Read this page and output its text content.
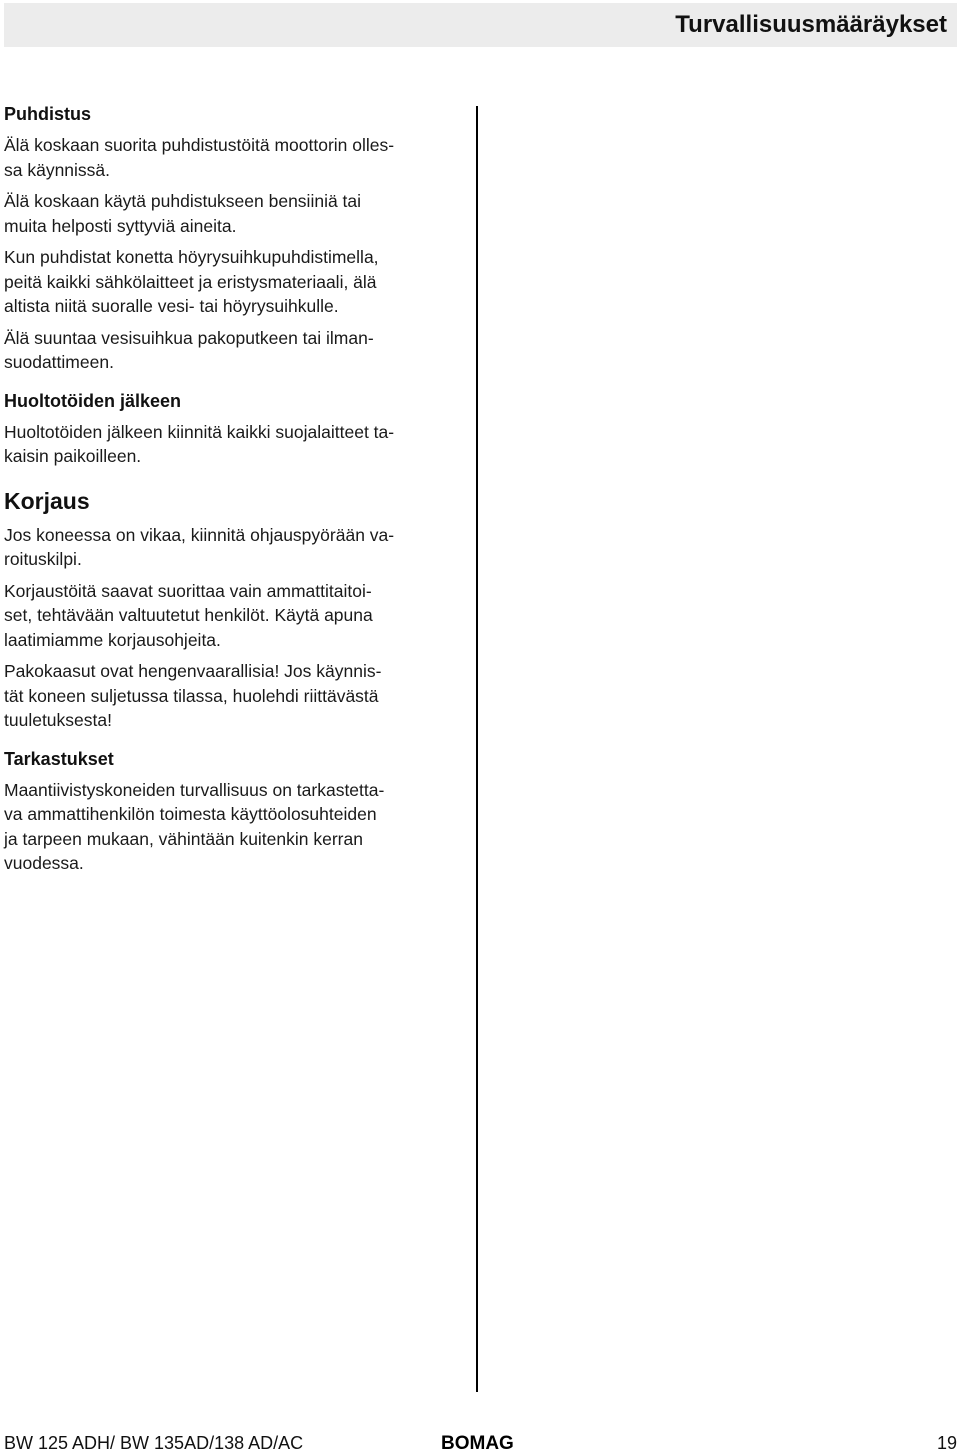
Turvallisuusmääräykset
Puhdistus

Älä koskaan suorita puhdistustöitä moottorin olles-
sa käynnissä.

Älä koskaan käytä puhdistukseen bensiiniä tai
muita helposti syttyviä aineita.

Kun puhdistat konetta höyrysuihkupuhdistimella,
peitä kaikki sähkölaitteet ja eristysmateriaali, älä
altista niitä suoralle vesi- tai höyrysuihkulle.

Älä suuntaa vesisuihkua pakoputkeen tai ilman-
suodattimeen.

Huoltotöiden jälkeen

Huoltotöiden jälkeen kiinnitä kaikki suojalaitteet ta-
kaisin paikoilleen.

Korjaus

Jos koneessa on vikaa, kiinnitä ohjauspyörään va-
roituskilpi.

Korjaustöitä saavat suorittaa vain ammattitaitoi-
set, tehtävään valtuutetut henkilöt. Käytä apuna
laatimiamme korjausohjeita.

Pakokaasut ovat hengenvaarallisia! Jos käynnis-
tät koneen suljetussa tilassa, huolehdi riittävästä
tuuletuksesta!

Tarkastukset

Maantiivistyskoneiden turvallisuus on tarkastetta-
va ammattihenkilön toimesta käyttöolosuhteiden
ja tarpeen mukaan, vähintään kuitenkin kerran
vuodessa.

BW 125 ADH/ BW 135AD/138 AD/AC	BOMAG	19
